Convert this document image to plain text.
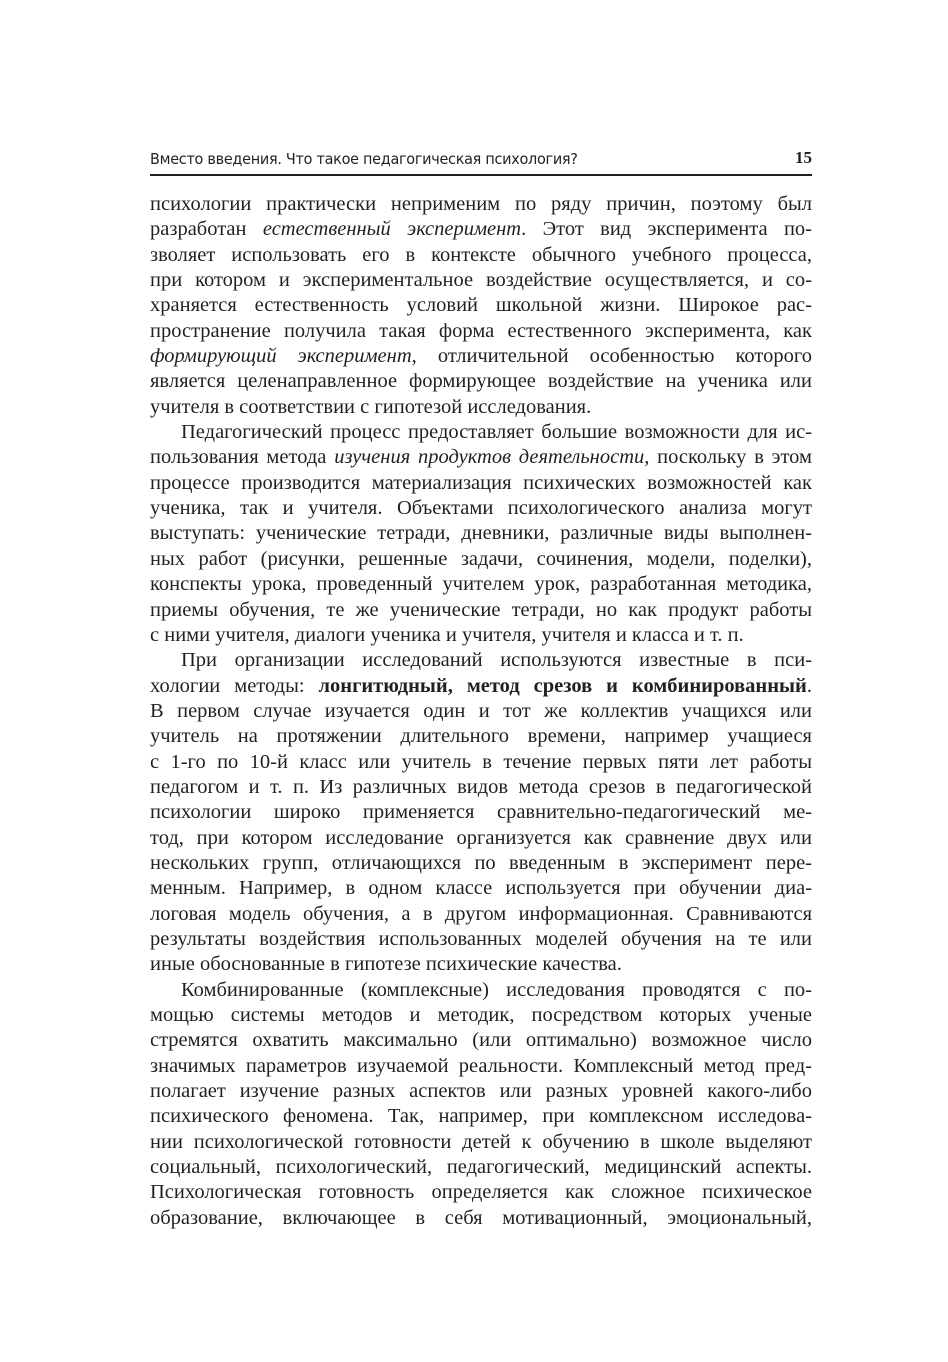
Вместо введения. Что такое педагогическая психология?	15
психологии практически неприменим по ряду причин, поэтому был
разработан естественный эксперимент. Этот вид эксперимента по-
зволяет использовать его в контексте обычного учебного процесса,
при котором и экспериментальное воздействие осуществляется, и со-
храняется естественность условий школьной жизни. Широкое рас-
пространение получила такая форма естественного эксперимента, как
формирующий эксперимент, отличительной особенностью которого
является целенаправленное формирующее воздействие на ученика или
учителя в соответствии с гипотезой исследования.
Педагогический процесс предоставляет большие возможности для ис-
пользования метода изучения продуктов деятельности, поскольку в этом
процессе производится материализация психических возможностей как
ученика, так и учителя. Объектами психологического анализа могут
выступать: ученические тетради, дневники, различные виды выполнен-
ных работ (рисунки, решенные задачи, сочинения, модели, поделки),
конспекты урока, проведенный учителем урок, разработанная методика,
приемы обучения, те же ученические тетради, но как продукт работы
с ними учителя, диалоги ученика и учителя, учителя и класса и т. п.
При организации исследований используются известные в пси-
хологии методы: лонгитюдный, метод срезов и комбинированный.
В первом случае изучается один и тот же коллектив учащихся или
учитель на протяжении длительного времени, например учащиеся
с 1-го по 10-й класс или учитель в течение первых пяти лет работы
педагогом и т. п. Из различных видов метода срезов в педагогической
психологии широко применяется сравнительно-педагогический ме-
тод, при котором исследование организуется как сравнение двух или
нескольких групп, отличающихся по введенным в эксперимент пере-
менным. Например, в одном классе используется при обучении диа-
логовая модель обучения, а в другом информационная. Сравниваются
результаты воздействия использованных моделей обучения на те или
иные обоснованные в гипотезе психические качества.
Комбинированные (комплексные) исследования проводятся с по-
мощью системы методов и методик, посредством которых ученые
стремятся охватить максимально (или оптимально) возможное число
значимых параметров изучаемой реальности. Комплексный метод пред-
полагает изучение разных аспектов или разных уровней какого-либо
психического феномена. Так, например, при комплексном исследова-
нии психологической готовности детей к обучению в школе выделяют
социальный, психологический, педагогический, медицинский аспекты.
Психологическая готовность определяется как сложное психическое
образование, включающее в себя мотивационный, эмоциональный,
